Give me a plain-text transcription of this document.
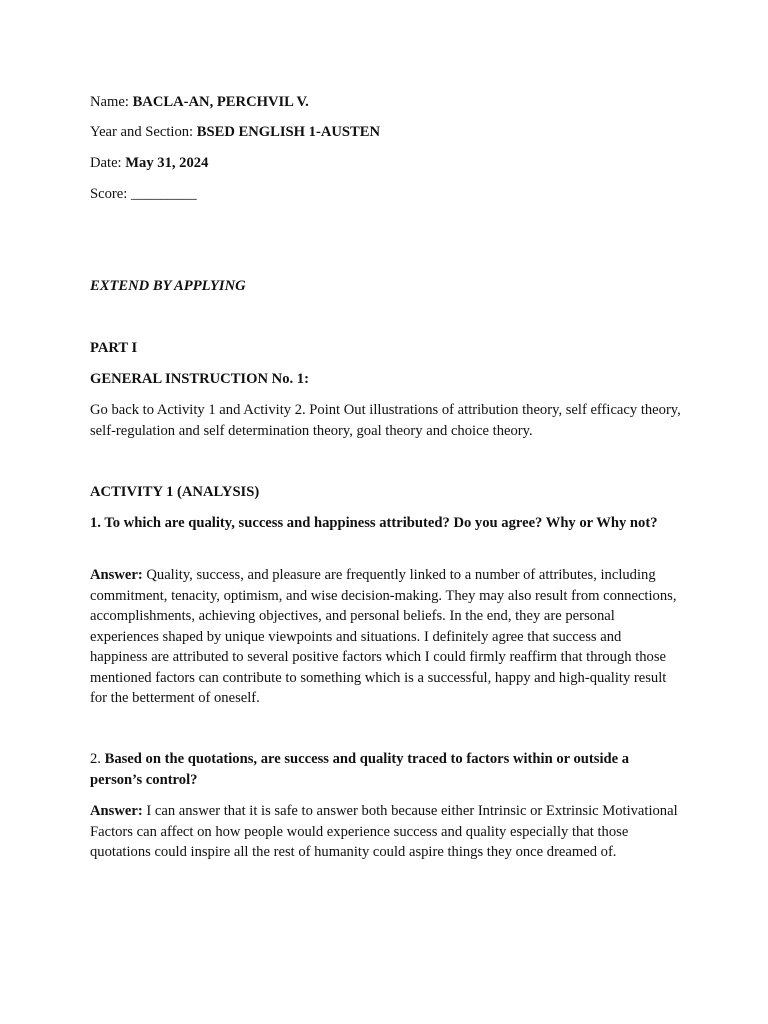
Name: BACLA-AN, PERCHVIL V.
Year and Section: BSED ENGLISH 1-AUSTEN
Date: May 31, 2024
Score: _________
EXTEND BY APPLYING
PART I
GENERAL INSTRUCTION No. 1:
Go back to Activity 1 and Activity 2. Point Out illustrations of attribution theory, self efficacy theory, self-regulation and self determination theory, goal theory and choice theory.
ACTIVITY 1 (ANALYSIS)
1. To which are quality, success and happiness attributed? Do you agree? Why or Why not?
Answer: Quality, success, and pleasure are frequently linked to a number of attributes, including commitment, tenacity, optimism, and wise decision-making. They may also result from connections, accomplishments, achieving objectives, and personal beliefs. In the end, they are personal experiences shaped by unique viewpoints and situations. I definitely agree that success and happiness are attributed to several positive factors which I could firmly reaffirm that through those mentioned factors can contribute to something which is a successful, happy and high-quality result for the betterment of oneself.
2. Based on the quotations, are success and quality traced to factors within or outside a person’s control?
Answer: I can answer that it is safe to answer both because either Intrinsic or Extrinsic Motivational Factors can affect on how people would experience success and quality especially that those quotations could inspire all the rest of humanity could aspire things they once dreamed of.
